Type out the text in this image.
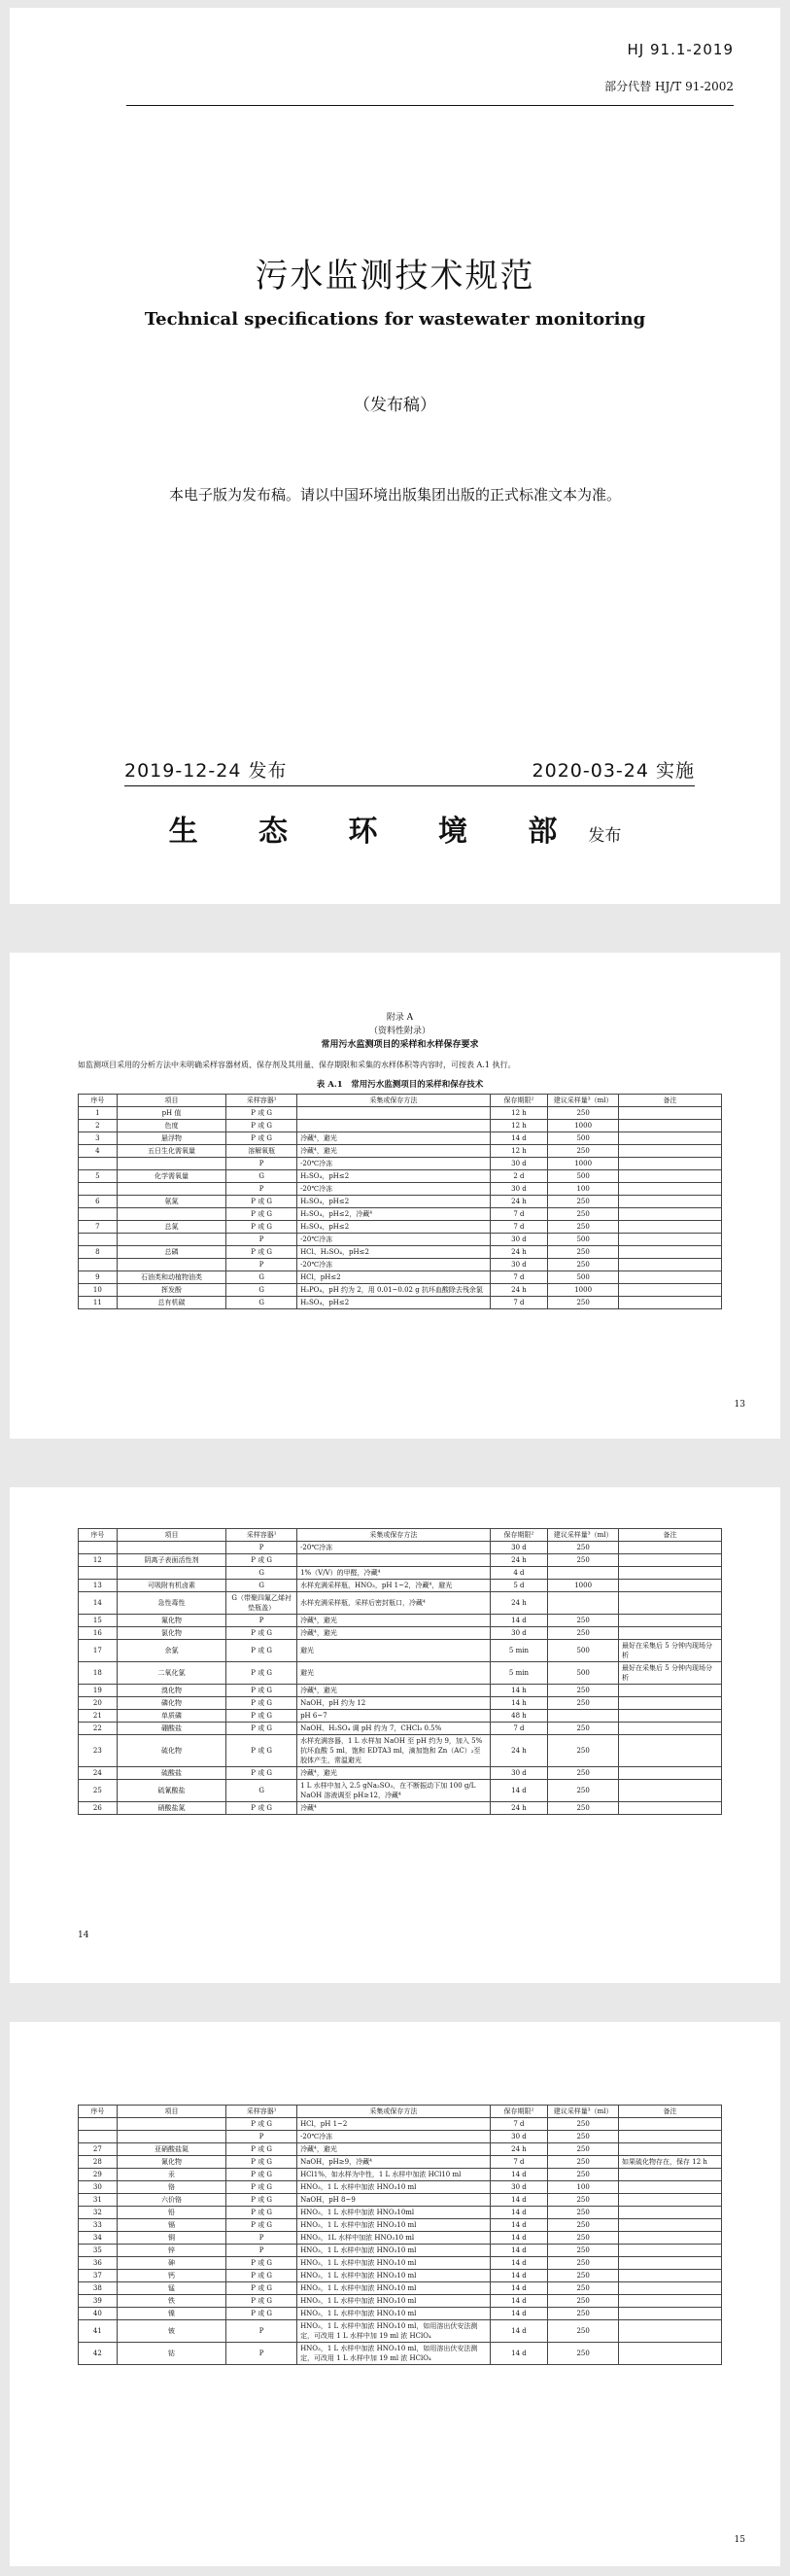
HJ 91.1-2019
部分代替 HJ/T 91-2002
污水监测技术规范
Technical specifications for wastewater monitoring
（发布稿）
本电子版为发布稿。请以中国环境出版集团出版的正式标准文本为准。
2019-12-24 发布	2020-03-24 实施
生 态 环 境 部 发布
附录 A
（资料性附录）
常用污水监测项目的采样和水样保存要求
如监测项目采用的分析方法中未明确采样容器材质、保存剂及其用量、保存期限和采集的水样体积等内容时，可按表 A.1 执行。
表 A.1　常用污水监测项目的采样和保存技术
序号	项目	采样容器¹	采集或保存方法	保存期限²	建议采样量³（ml）	备注
1	pH 值	P 或 G		12 h	250	
2	色度	P 或 G		12 h	1000	
3	悬浮物	P 或 G	冷藏⁴，避光	14 d	500	
4	五日生化需氧量	溶解氧瓶	冷藏⁴，避光	12 h	250	
		P	-20℃冷冻	30 d	1000	
5	化学需氧量	G	H₂SO₄，pH≤2	2 d	500	
		P	-20℃冷冻	30 d	100	
6	氨氮	P 或 G	H₂SO₄，pH≤2	24 h	250	
		P 或 G	H₂SO₄，pH≤2，冷藏⁴	7 d	250	
7	总氮	P 或 G	H₂SO₄，pH≤2	7 d	250	
		P	-20℃冷冻	30 d	500	
8	总磷	P 或 G	HCl、H₂SO₄，pH≤2	24 h	250	
		P	-20℃冷冻	30 d	250	
9	石油类和动植物油类	G	HCl，pH≤2	7 d	500	
10	挥发酚	G	H₃PO₄，pH 约为 2，用 0.01~0.02 g 抗坏血酸除去残余氯	24 h	1000	
11	总有机碳	G	H₂SO₄，pH≤2	7 d	250	
13
序号	项目	采样容器¹	采集或保存方法	保存期限²	建议采样量³（ml）	备注
		P	-20℃冷冻	30 d	250	
12	阴离子表面活性剂	P 或 G		24 h	250	
		G	1%（V/V）的甲醛，冷藏⁴	4 d		
13	可吸附有机卤素	G	水样充满采样瓶，HNO₃，pH 1~2，冷藏⁴，避光	5 d	1000	
14	急性毒性	G（带聚四氟乙烯衬垫瓶盖）	水样充满采样瓶，采样后密封瓶口，冷藏⁴	24 h		
15	氟化物	P	冷藏⁴，避光	14 d	250	
16	氯化物	P 或 G	冷藏⁴，避光	30 d	250	
17	余氯	P 或 G	避光	5 min	500	最好在采集后 5 分钟内现场分析
18	二氧化氯	P 或 G	避光	5 min	500	最好在采集后 5 分钟内现场分析
19	溴化物	P 或 G	冷藏⁴，避光	14 h	250	
20	磷化物	P 或 G	NaOH，pH 约为 12	14 h	250	
21	单质磷	P 或 G	pH 6~7	48 h		
22	硼酸盐	P 或 G	NaOH、H₂SO₄ 调 pH 约为 7，CHCl₃ 0.5%	7 d	250	
23	硫化物	P 或 G	水样充满容器，1 L 水样加 NaOH 至 pH 约为 9，加入 5%抗坏血酸 5 ml，饱和 EDTA3 ml，滴加饱和 Zn（AC）₂至胶体产生，常温避光	24 h	250	
24	硫酸盐	P 或 G	冷藏⁴，避光	30 d	250	
25	硫氰酸盐	G	1 L 水样中加入 2.5 gNa₂SO₃，在不断振动下加 100 g/L NaOH 溶液调至 pH≥12，冷藏⁴	14 d	250	
26	硝酸盐氮	P 或 G	冷藏⁴	24 h	250	
14
序号	项目	采样容器¹	采集或保存方法	保存期限²	建议采样量³（ml）	备注
		P 或 G	HCl，pH 1~2	7 d	250	
		P	-20℃冷冻	30 d	250	
27	亚硝酸盐氮	P 或 G	冷藏⁴，避光	24 h	250	
28	氰化物	P 或 G	NaOH，pH≥9，冷藏⁴	7 d	250	如果硫化物存在，保存 12 h
29	汞	P 或 G	HCl1%，如水样为中性，1 L 水样中加浓 HCl10 ml	14 d	250	
30	铬	P 或 G	HNO₃，1 L 水样中加浓 HNO₃10 ml	30 d	100	
31	六价铬	P 或 G	NaOH，pH 8~9	14 d	250	
32	铅	P 或 G	HNO₃，1 L 水样中加浓 HNO₃10ml	14 d	250	
33	镉	P 或 G	HNO₃，1 L 水样中加浓 HNO₃10 ml	14 d	250	
34	铜	P	HNO₃，1L 水样中加浓 HNO₃10 ml	14 d	250	
35	锌	P	HNO₃，1 L 水样中加浓 HNO₃10 ml	14 d	250	
36	砷	P 或 G	HNO₃，1 L 水样中加浓 HNO₃10 ml	14 d	250	
37	钙	P 或 G	HNO₃，1 L 水样中加浓 HNO₃10 ml	14 d	250	
38	锰	P 或 G	HNO₃，1 L 水样中加浓 HNO₃10 ml	14 d	250	
39	铁	P 或 G	HNO₃，1 L 水样中加浓 HNO₃10 ml	14 d	250	
40	镍	P 或 G	HNO₃，1 L 水样中加浓 HNO₃10 ml	14 d	250	
41	铍	P	HNO₃，1 L 水样中加浓 HNO₃10 ml，如用溶出伏安法测定，可改用 1 L 水样中加 19 ml 浓 HClO₄	14 d	250	
42	钴	P	HNO₃，1 L 水样中加浓 HNO₃10 ml，如用溶出伏安法测定，可改用 1 L 水样中加 19 ml 浓 HClO₄	14 d	250	
15
